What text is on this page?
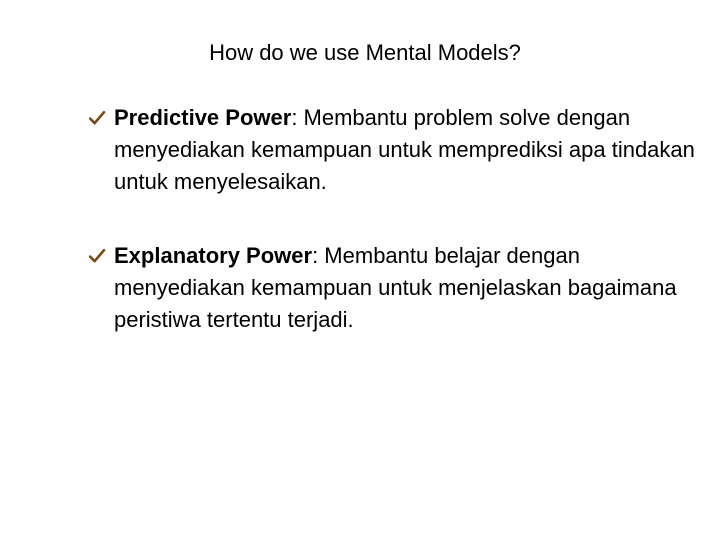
How do we use Mental Models?
Predictive Power: Membantu problem solve dengan menyediakan kemampuan untuk memprediksi apa tindakan untuk menyelesaikan.
Explanatory Power: Membantu belajar dengan menyediakan kemampuan untuk menjelaskan bagaimana peristiwa tertentu terjadi.
